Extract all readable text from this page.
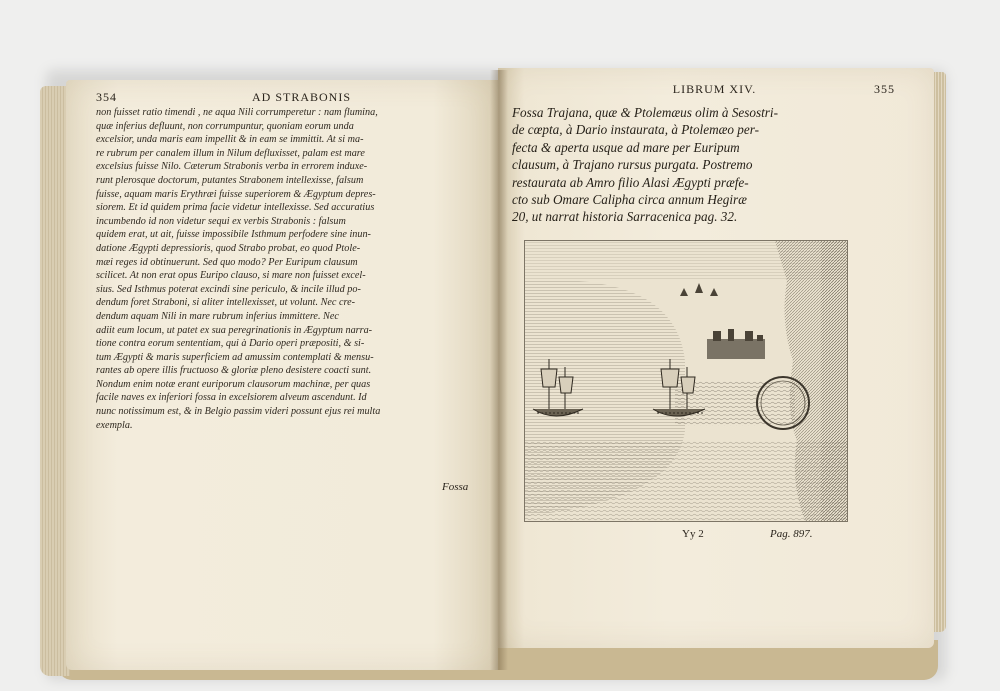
354	AD STRABONIS
non fuisset ratio timendi , ne aqua Nili corrumperetur : nam flumina,
quæ inferius defluunt, non corrumpuntur, quoniam eorum unda
excelsior, unda maris eam impellit & in eam se immittit. At si ma-
re rubrum per canalem illum in Nilum defluxisset, palam est mare
excelsius fuisse Nilo. Cæterum Strabonis verba in errorem induxe-
runt plerosque doctorum, putantes Strabonem intellexisse, falsum
fuisse, aquam maris Erythræi fuisse superiorem & Ægyptum depres-
siorem. Et id quidem prima facie videtur intellexisse. Sed accuratius
incumbendo id non videtur sequi ex verbis Strabonis : falsum
quidem erat, ut ait, fuisse impossibile Isthmum perfodere sine inun-
datione Ægypti depressioris, quod Strabo probat, eo quod Ptole-
mæi reges id obtinuerunt. Sed quo modo? Per Euripum clausum
scilicet. At non erat opus Euripo clauso, si mare non fuisset excel-
sius. Sed Isthmus poterat excindi sine periculo, & incile illud po-
dendum foret Straboni, si aliter intellexisset, ut volunt. Nec cre-
dendum aquam Nili in mare rubrum inferius immittere. Nec
adiit eum locum, ut patet ex sua peregrinationis in Ægyptum narra-
tione contra eorum sententiam, qui à Dario operi præpositi, & si-
tum Ægypti & maris superficiem ad amussim contemplati & mensu-
rantes ab opere illis fructuoso & gloriæ pleno desistere coacti sunt.
Nondum enim notæ erant euriporum clausorum machinæ, per quas
facile naves ex inferiori fossa in excelsiorem alveum ascendunt. Id
nunc notissimum est, & in Belgio passim videri possunt ejus rei multa
exempla.
Fossa
LIBRUM XIV.	355
Fossa Trajana, quæ & Ptolemæus olim à Sesostri-
de cœpta, à Dario instaurata, à Ptolemæo per-
fecta & aperta usque ad mare per Euripum
clausum, à Trajano rursus purgata. Postremo
restaurata ab Amro filio Alasi Ægypti præfe-
cto sub Omare Calipha circa annum Hegiræ
20, ut narrat historia Sarracenica pag. 32.
Yy 2	Pag. 897.
